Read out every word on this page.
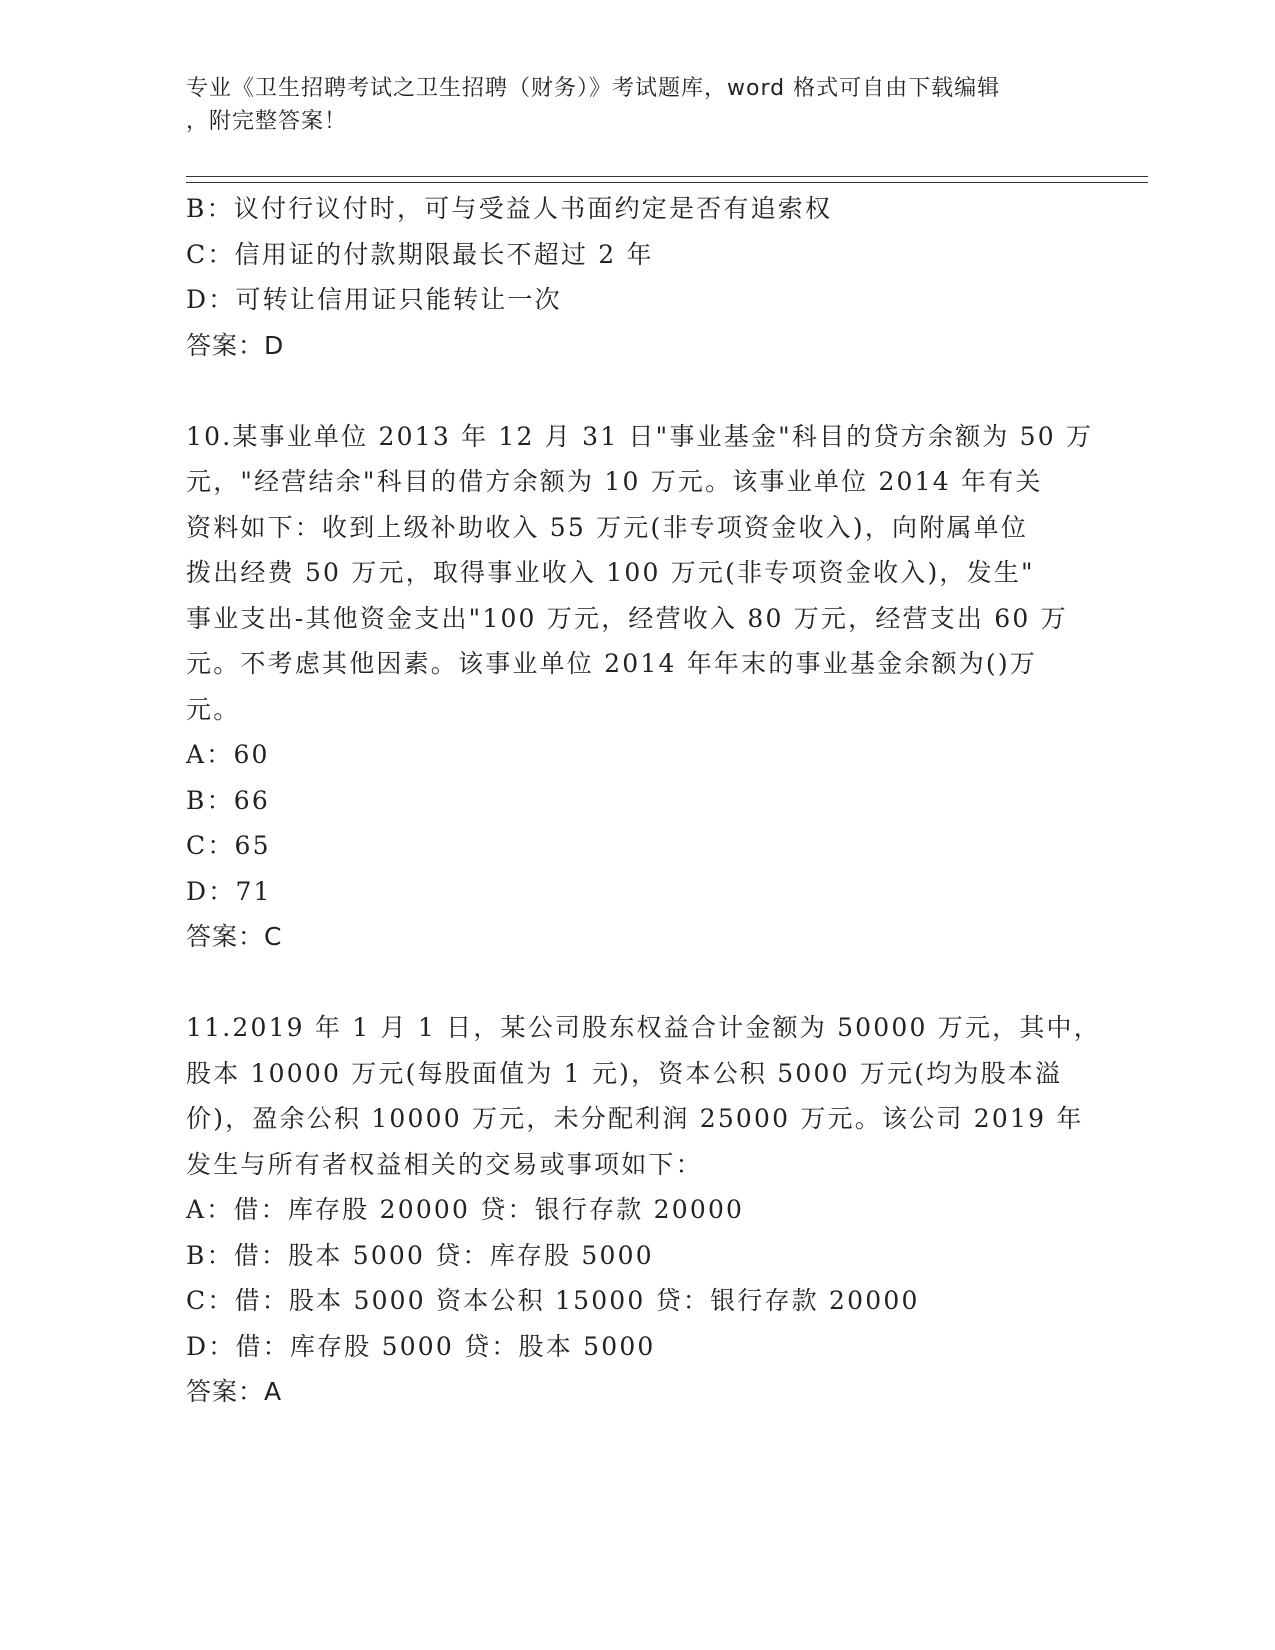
专业《卫生招聘考试之卫生招聘（财务）》考试题库，word 格式可自由下载编辑
，附完整答案！
B：议付行议付时，可与受益人书面约定是否有追索权
C：信用证的付款期限最长不超过 2 年
D：可转让信用证只能转让一次
答案：D
10.某事业单位 2013 年 12 月 31 日"事业基金"科目的贷方余额为 50 万
元，"经营结余"科目的借方余额为 10 万元。该事业单位 2014 年有关
资料如下：收到上级补助收入 55 万元(非专项资金收入)，向附属单位
拨出经费 50 万元，取得事业收入 100 万元(非专项资金收入)，发生"
事业支出-其他资金支出"100 万元，经营收入 80 万元，经营支出 60 万
元。不考虑其他因素。该事业单位 2014 年年末的事业基金余额为()万
元。
A：60
B：66
C：65
D：71
答案：C
11.2019 年 1 月 1 日，某公司股东权益合计金额为 50000 万元，其中，
股本 10000 万元(每股面值为 1 元)，资本公积 5000 万元(均为股本溢
价)，盈余公积 10000 万元，未分配利润 25000 万元。该公司 2019 年
发生与所有者权益相关的交易或事项如下：
A：借：库存股 20000 贷：银行存款 20000
B：借：股本 5000 贷：库存股 5000
C：借：股本 5000 资本公积 15000 贷：银行存款 20000
D：借：库存股 5000 贷：股本 5000
答案：A
